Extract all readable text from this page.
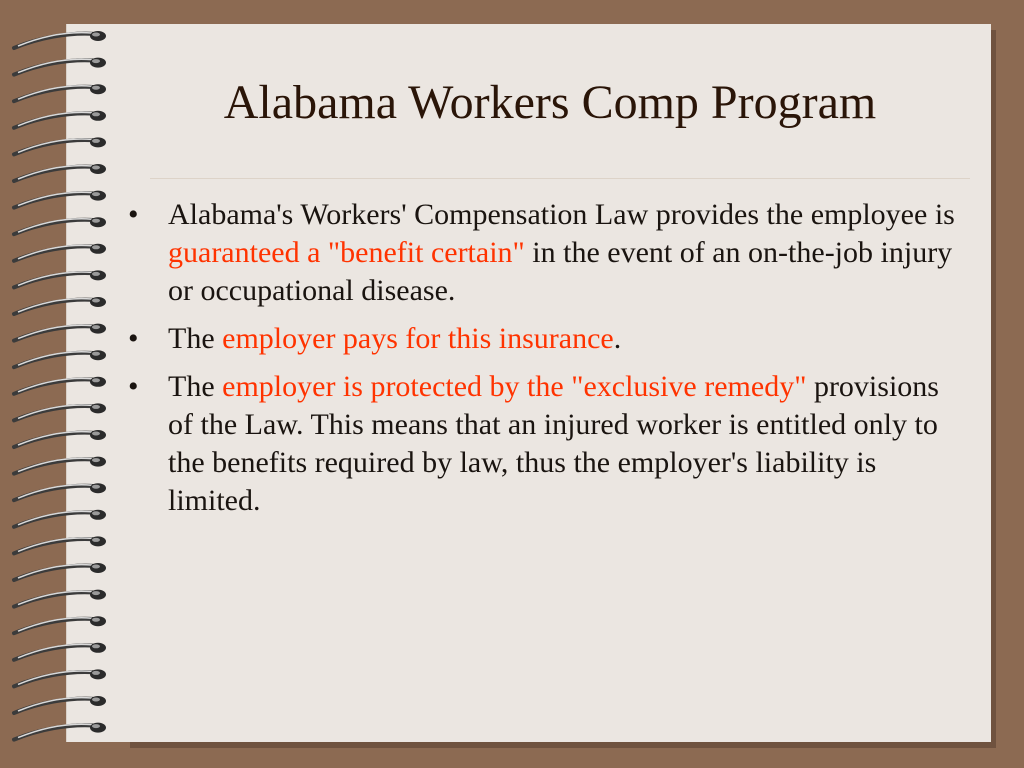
Alabama Workers Comp Program
• Alabama's Workers' Compensation Law provides the employee is guaranteed a "benefit certain" in the event of an on-the-job injury or occupational disease.
• The employer pays for this insurance.
• The employer is protected by the "exclusive remedy" provisions of the Law. This means that an injured worker is entitled only to the benefits required by law, thus the employer's liability is limited.
